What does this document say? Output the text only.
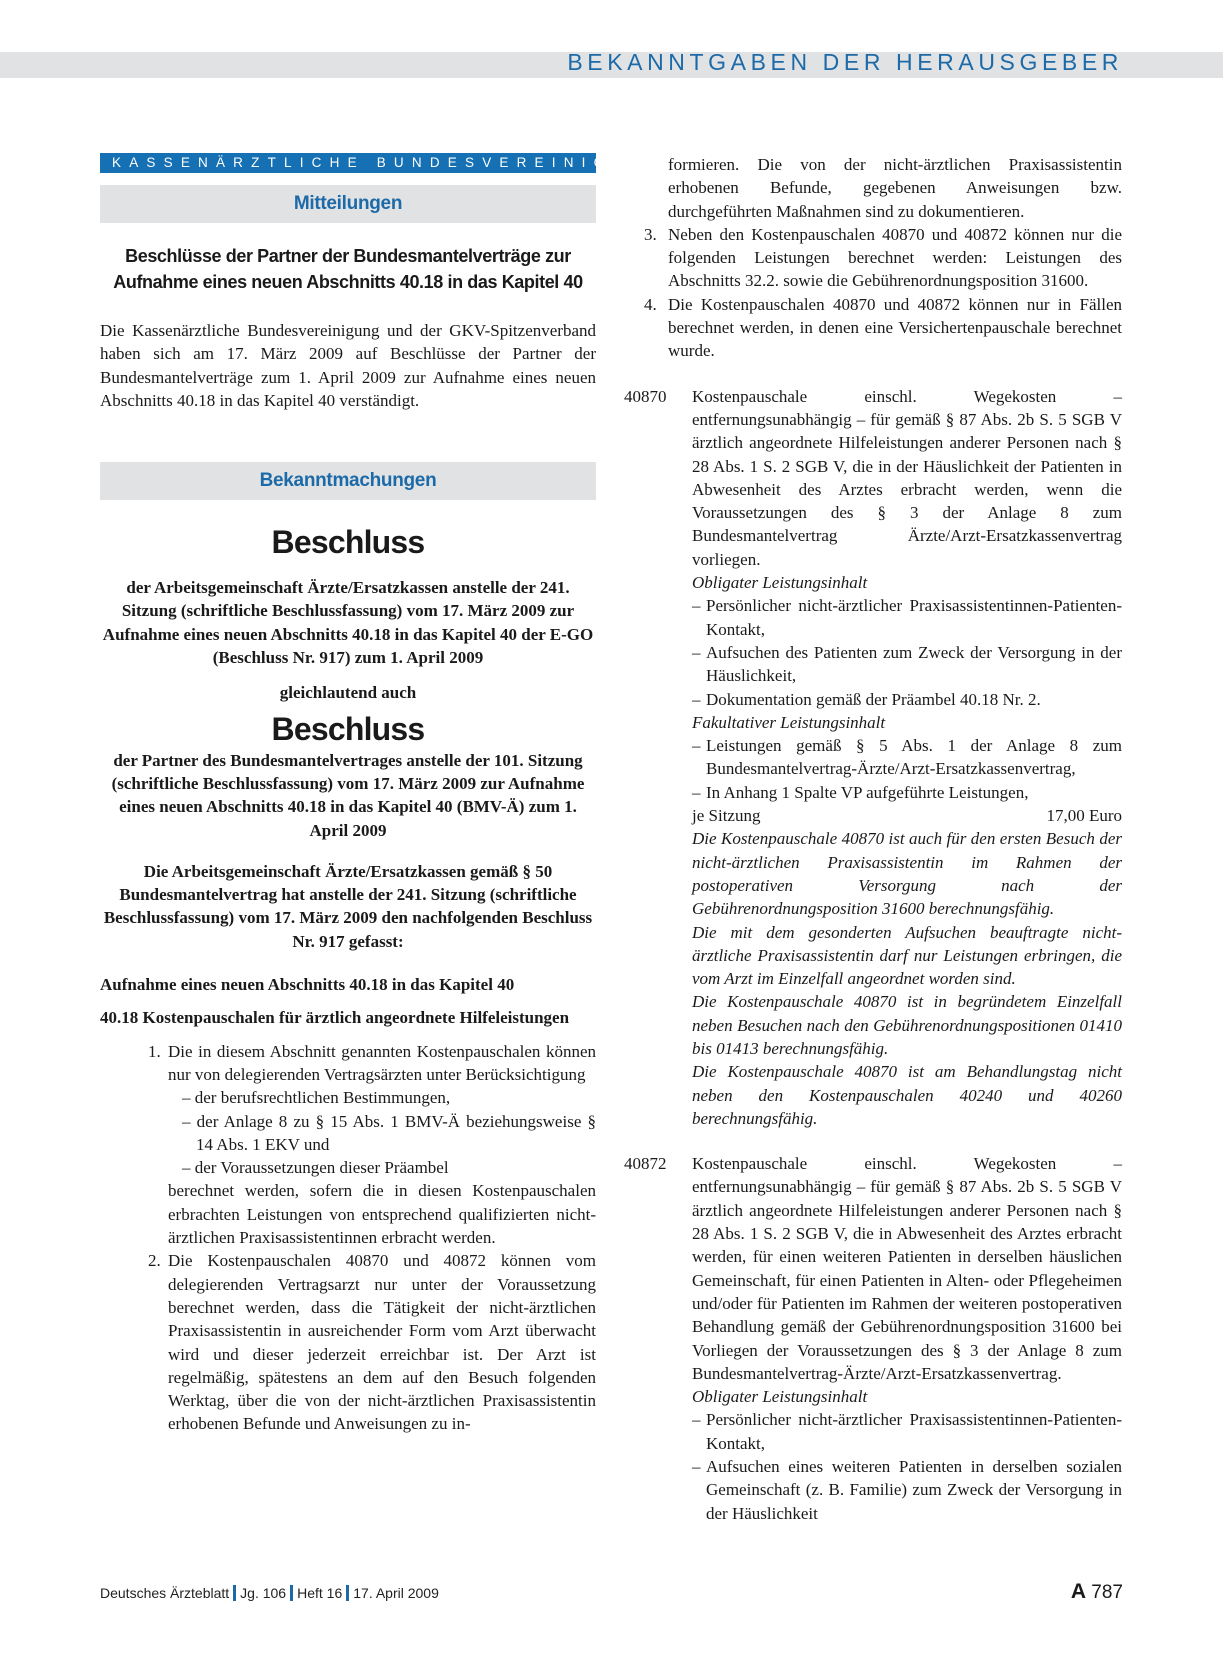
BEKANNTGABEN DER HERAUSGEBER
KASSENÄRZTLICHE BUNDESVEREINIGUNG
Mitteilungen
Beschlüsse der Partner der Bundesmantelverträge zur Aufnahme eines neuen Abschnitts 40.18 in das Kapitel 40

Die Kassenärztliche Bundesvereinigung und der GKV-Spitzenverband haben sich am 17. März 2009 auf Beschlüsse der Partner der Bundesmantelverträge zum 1. April 2009 zur Aufnahme eines neuen Abschnitts 40.18 in das Kapitel 40 verständigt.

Bekanntmachungen
Beschluss
der Arbeitsgemeinschaft Ärzte/Ersatzkassen anstelle der 241. Sitzung (schriftliche Beschlussfassung) vom 17. März 2009 zur Aufnahme eines neuen Abschnitts 40.18 in das Kapitel 40 der E-GO (Beschluss Nr. 917) zum 1. April 2009
gleichlautend auch
Beschluss
der Partner des Bundesmantelvertrages anstelle der 101. Sitzung (schriftliche Beschlussfassung) vom 17. März 2009 zur Aufnahme eines neuen Abschnitts 40.18 in das Kapitel 40 (BMV-Ä) zum 1. April 2009
Die Arbeitsgemeinschaft Ärzte/Ersatzkassen gemäß § 50 Bundesmantelvertrag hat anstelle der 241. Sitzung (schriftliche Beschlussfassung) vom 17. März 2009 den nachfolgenden Beschluss Nr. 917 gefasst:
Aufnahme eines neuen Abschnitts 40.18 in das Kapitel 40
40.18 Kostenpauschalen für ärztlich angeordnete Hilfeleistungen
1. Die in diesem Abschnitt genannten Kostenpauschalen können nur von delegierenden Vertragsärzten unter Berücksichtigung
– der berufsrechtlichen Bestimmungen,
– der Anlage 8 zu § 15 Abs. 1 BMV-Ä beziehungsweise § 14 Abs. 1 EKV und
– der Voraussetzungen dieser Präambel
berechnet werden, sofern die in diesen Kostenpauschalen erbrachten Leistungen von entsprechend qualifizierten nicht-ärztlichen Praxisassistentinnen erbracht werden.
2. Die Kostenpauschalen 40870 und 40872 können vom delegierenden Vertragsarzt nur unter der Voraussetzung berechnet werden, dass die Tätigkeit der nicht-ärztlichen Praxisassistentin in ausreichender Form vom Arzt überwacht wird und dieser jederzeit erreichbar ist. Der Arzt ist regelmäßig, spätestens an dem auf den Besuch folgenden Werktag, über die von der nicht-ärztlichen Praxisassistentin erhobenen Befunde und Anweisungen zu in-
formieren. Die von der nicht-ärztlichen Praxisassistentin erhobenen Befunde, gegebenen Anweisungen bzw. durchgeführten Maßnahmen sind zu dokumentieren.
3. Neben den Kostenpauschalen 40870 und 40872 können nur die folgenden Leistungen berechnet werden: Leistungen des Abschnitts 32.2. sowie die Gebührenordnungsposition 31600.
4. Die Kostenpauschalen 40870 und 40872 können nur in Fällen berechnet werden, in denen eine Versichertenpauschale berechnet wurde.
40870 Kostenpauschale einschl. Wegekosten – entfernungsunabhängig – für gemäß § 87 Abs. 2b S. 5 SGB V ärztlich angeordnete Hilfeleistungen anderer Personen nach § 28 Abs. 1 S. 2 SGB V, die in der Häuslichkeit der Patienten in Abwesenheit des Arztes erbracht werden, wenn die Voraussetzungen des § 3 der Anlage 8 zum Bundesmantelvertrag Ärzte/Arzt-Ersatzkassenvertrag vorliegen.
Obligater Leistungsinhalt
– Persönlicher nicht-ärztlicher Praxisassistentinnen-Patienten-Kontakt,
– Aufsuchen des Patienten zum Zweck der Versorgung in der Häuslichkeit,
– Dokumentation gemäß der Präambel 40.18 Nr. 2.
Fakultativer Leistungsinhalt
– Leistungen gemäß § 5 Abs. 1 der Anlage 8 zum Bundesmantelvertrag-Ärzte/Arzt-Ersatzkassenvertrag,
– In Anhang 1 Spalte VP aufgeführte Leistungen,
je Sitzung	17,00 Euro
Die Kostenpauschale 40870 ist auch für den ersten Besuch der nicht-ärztlichen Praxisassistentin im Rahmen der postoperativen Versorgung nach der Gebührenordnungsposition 31600 berechnungsfähig.
Die mit dem gesonderten Aufsuchen beauftragte nicht-ärztliche Praxisassistentin darf nur Leistungen erbringen, die vom Arzt im Einzelfall angeordnet worden sind.
Die Kostenpauschale 40870 ist in begründetem Einzelfall neben Besuchen nach den Gebührenordnungspositionen 01410 bis 01413 berechnungsfähig.
Die Kostenpauschale 40870 ist am Behandlungstag nicht neben den Kostenpauschalen 40240 und 40260 berechnungsfähig.
40872 Kostenpauschale einschl. Wegekosten – entfernungsunabhängig – für gemäß § 87 Abs. 2b S. 5 SGB V ärztlich angeordnete Hilfeleistungen anderer Personen nach § 28 Abs. 1 S. 2 SGB V, die in Abwesenheit des Arztes erbracht werden, für einen weiteren Patienten in derselben häuslichen Gemeinschaft, für einen Patienten in Alten- oder Pflegeheimen und/oder für Patienten im Rahmen der weiteren postoperativen Behandlung gemäß der Gebührenordnungsposition 31600 bei Vorliegen der Voraussetzungen des § 3 der Anlage 8 zum Bundesmantelvertrag-Ärzte/Arzt-Ersatzkassenvertrag.
Obligater Leistungsinhalt
– Persönlicher nicht-ärztlicher Praxisassistentinnen-Patienten-Kontakt,
– Aufsuchen eines weiteren Patienten in derselben sozialen Gemeinschaft (z. B. Familie) zum Zweck der Versorgung in der Häuslichkeit
Deutsches Ärzteblatt Jg. 106 Heft 16 17. April 2009	A 787
